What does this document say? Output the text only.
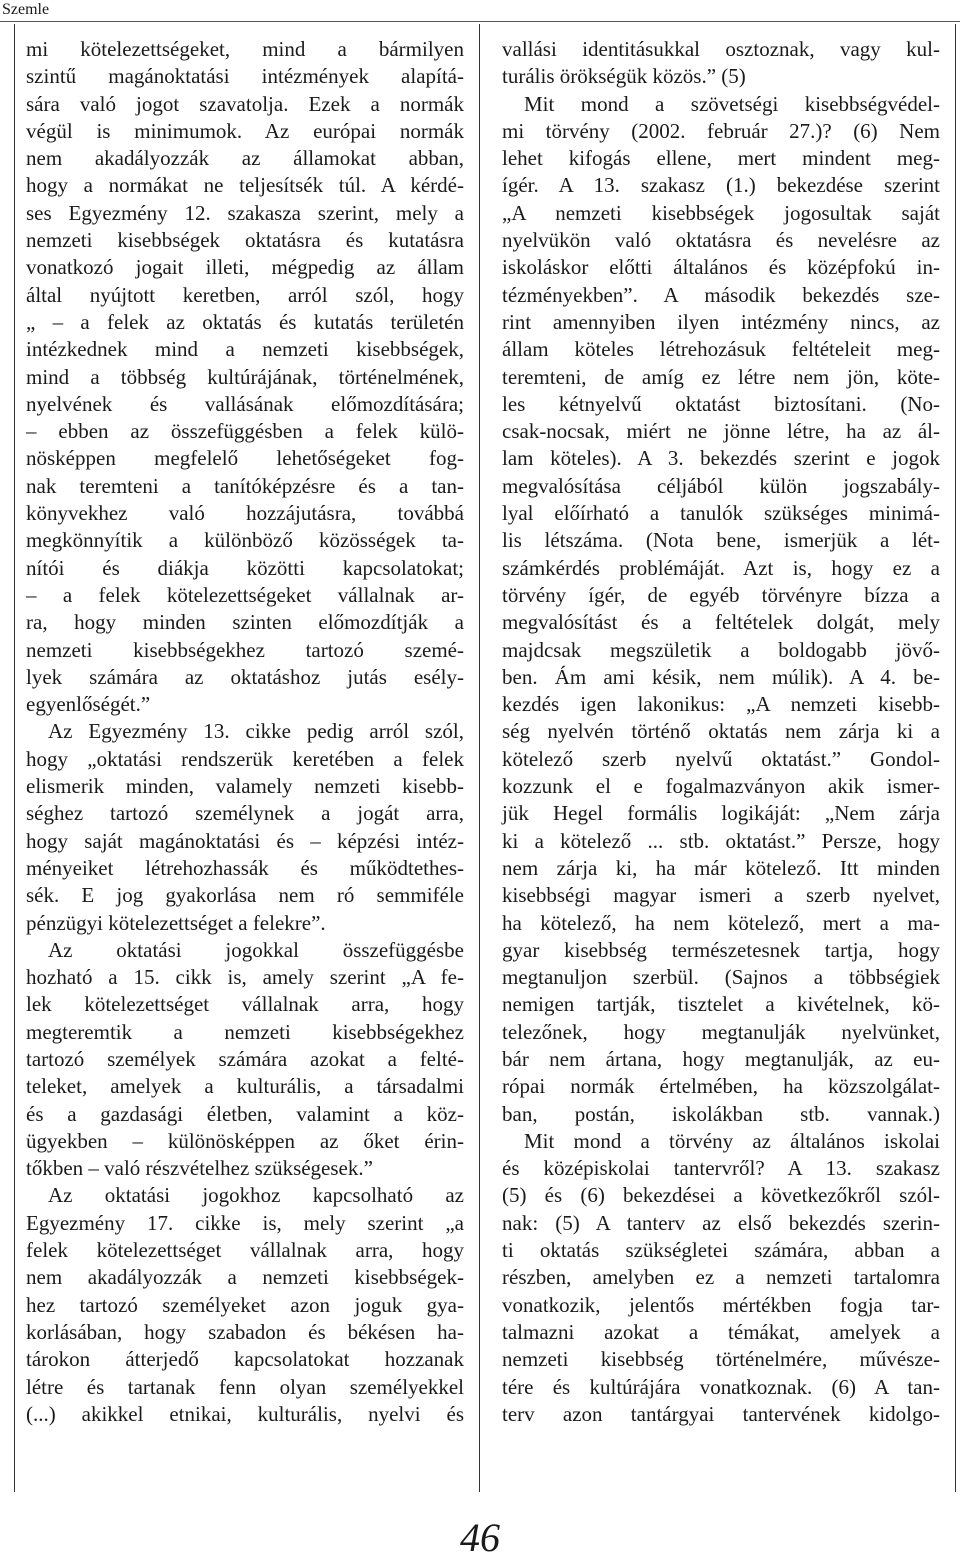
Szemle
mi kötelezettségeket, mind a bármilyen
szintű magánoktatási intézmények alapítá-
sára való jogot szavatolja. Ezek a normák
végül is minimumok. Az európai normák
nem akadályozzák az államokat abban,
hogy a normákat ne teljesítsék túl. A kérdé-
ses Egyezmény 12. szakasza szerint, mely a
nemzeti kisebbségek oktatásra és kutatásra
vonatkozó jogait illeti, mégpedig az állam
által nyújtott keretben, arról szól, hogy
„ – a felek az oktatás és kutatás területén
intézkednek mind a nemzeti kisebbségek,
mind a többség kultúrájának, történelmének,
nyelvének és vallásának előmozdítására;
– ebben az összefüggésben a felek külö-
nösképpen megfelelő lehetőségeket fog-
nak teremteni a tanítóképzésre és a tan-
könyvekhez való hozzájutásra, továbbá
megkönnyítik a különböző közösségek ta-
nítói és diákja közötti kapcsolatokat;
– a felek kötelezettségeket vállalnak ar-
ra, hogy minden szinten előmozdítják a
nemzeti kisebbségekhez tartozó szemé-
lyek számára az oktatáshoz jutás esély-
egyenlőségét.”
Az Egyezmény 13. cikke pedig arról szól,
hogy „oktatási rendszerük keretében a felek
elismerik minden, valamely nemzeti kisebb-
séghez tartozó személynek a jogát arra,
hogy saját magánoktatási és – képzési intéz-
ményeiket létrehozhassák és működtethes-
sék. E jog gyakorlása nem ró semmiféle
pénzügyi kötelezettséget a felekre”.
Az oktatási jogokkal összefüggésbe
hozható a 15. cikk is, amely szerint „A fe-
lek kötelezettséget vállalnak arra, hogy
megteremtik a nemzeti kisebbségekhez
tartozó személyek számára azokat a felté-
teleket, amelyek a kulturális, a társadalmi
és a gazdasági életben, valamint a köz-
ügyekben – különösképpen az őket érin-
tőkben – való részvételhez szükségesek.”
Az oktatási jogokhoz kapcsolható az
Egyezmény 17. cikke is, mely szerint „a
felek kötelezettséget vállalnak arra, hogy
nem akadályozzák a nemzeti kisebbségek-
hez tartozó személyeket azon joguk gya-
korlásában, hogy szabadon és békésen ha-
tárokon átterjedő kapcsolatokat hozzanak
létre és tartanak fenn olyan személyekkel
(...) akikkel etnikai, kulturális, nyelvi és
vallási identitásukkal osztoznak, vagy kul-
turális örökségük közös.” (5)
Mit mond a szövetségi kisebbségvédel-
mi törvény (2002. február 27.)? (6) Nem
lehet kifogás ellene, mert mindent meg-
ígér. A 13. szakasz (1.) bekezdése szerint
„A nemzeti kisebbségek jogosultak saját
nyelvükön való oktatásra és nevelésre az
iskoláskor előtti általános és középfokú in-
tézményekben”. A második bekezdés sze-
rint amennyiben ilyen intézmény nincs, az
állam köteles létrehozásuk feltételeit meg-
teremteni, de amíg ez létre nem jön, köte-
les kétnyelvű oktatást biztosítani. (No-
csak-nocsak, miért ne jönne létre, ha az ál-
lam köteles). A 3. bekezdés szerint e jogok
megvalósítása céljából külön jogszabály-
lyal előírható a tanulók szükséges minimá-
lis létszáma. (Nota bene, ismerjük a lét-
számkérdés problémáját. Azt is, hogy ez a
törvény ígér, de egyéb törvényre bízza a
megvalósítást és a feltételek dolgát, mely
majdcsak megszületik a boldogabb jövő-
ben. Ám ami késik, nem múlik). A 4. be-
kezdés igen lakonikus: „A nemzeti kisebb-
ség nyelvén történő oktatás nem zárja ki a
kötelező szerb nyelvű oktatást.” Gondol-
kozzunk el e fogalmazványon akik ismer-
jük Hegel formális logikáját: „Nem zárja
ki a kötelező ... stb. oktatást.” Persze, hogy
nem zárja ki, ha már kötelező. Itt minden
kisebbségi magyar ismeri a szerb nyelvet,
ha kötelező, ha nem kötelező, mert a ma-
gyar kisebbség természetesnek tartja, hogy
megtanuljon szerbül. (Sajnos a többségiek
nemigen tartják, tisztelet a kivételnek, kö-
telezőnek, hogy megtanulják nyelvünket,
bár nem ártana, hogy megtanulják, az eu-
rópai normák értelmében, ha közszolgálat-
ban, postán, iskolákban stb. vannak.)
Mit mond a törvény az általános iskolai
és középiskolai tantervről? A 13. szakasz
(5) és (6) bekezdései a következőkről szól-
nak: (5) A tanterv az első bekezdés szerin-
ti oktatás szükségletei számára, abban a
részben, amelyben ez a nemzeti tartalomra
vonatkozik, jelentős mértékben fogja tar-
talmazni azokat a témákat, amelyek a
nemzeti kisebbség történelmére, művésze-
tére és kultúrájára vonatkoznak. (6) A tan-
terv azon tantárgyai tantervének kidolgo-
46
